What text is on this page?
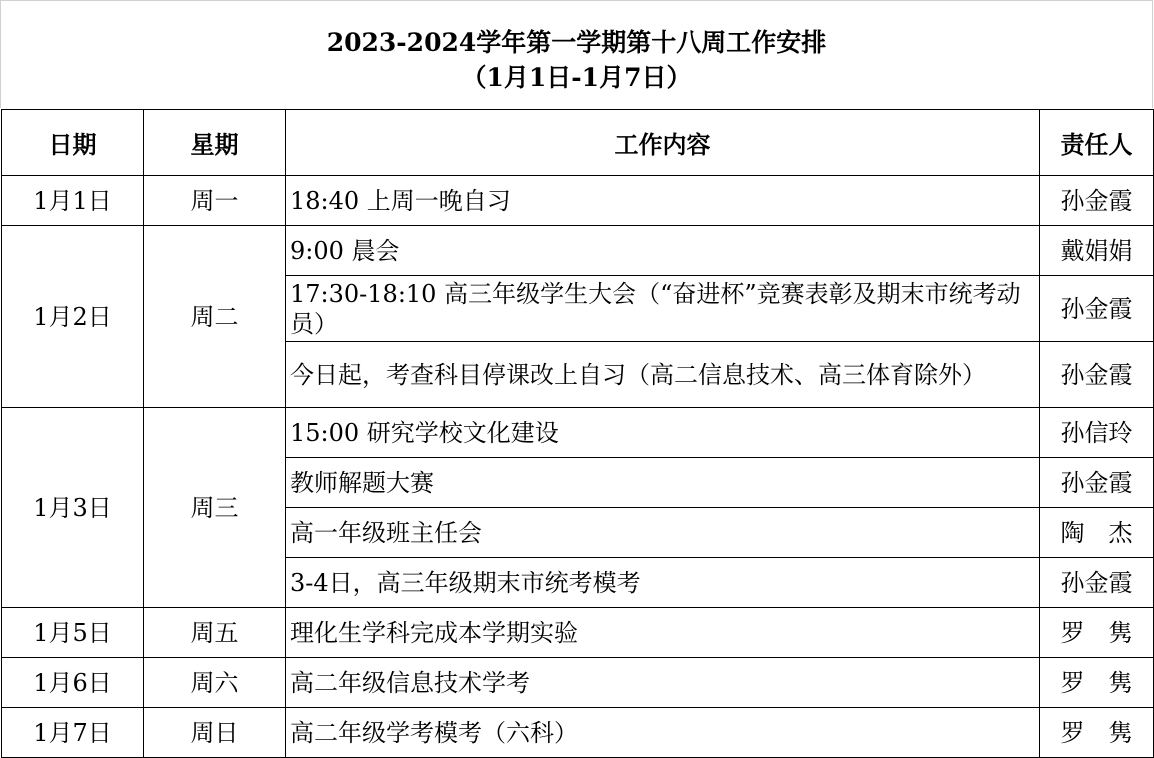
2023-2024学年第一学期第十八周工作安排
（1月1日-1月7日）
日期	星期	工作内容	责任人
1月1日	周一	18:40 上周一晚自习	孙金霞
1月2日	周二	9:00 晨会	戴娟娟
		17:30-18:10 高三年级学生大会（“奋进杯”竞赛表彰及期末市统考动员）	孙金霞
		今日起，考查科目停课改上自习（高二信息技术、高三体育除外）	孙金霞
1月3日	周三	15:00 研究学校文化建设	孙信玲
		教师解题大赛	孙金霞
		高一年级班主任会	陶　杰
		3-4日，高三年级期末市统考模考	孙金霞
1月5日	周五	理化生学科完成本学期实验	罗　隽
1月6日	周六	高二年级信息技术学考	罗　隽
1月7日	周日	高二年级学考模考（六科）	罗　隽
